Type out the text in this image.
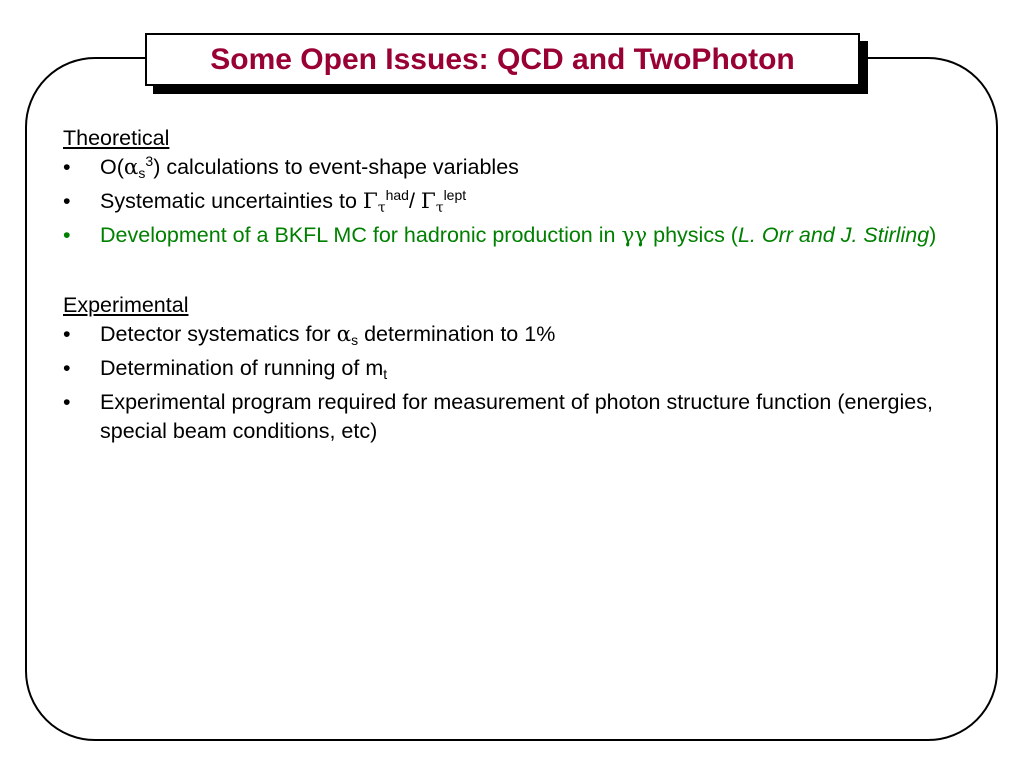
Some Open Issues: QCD and TwoPhoton

Theoretical

• $O(\alpha_s^3)$ calculations to event-shape variables
• Systematic uncertainties to $\Gamma_\tau^{had}/$ $\Gamma_\tau^{lept}$
• Development of a BKFL MC for hadronic production in γγ physics (L. Orr and J. Stirling)

Experimental

• Detector systematics for $\alpha_s$ determination to 1%
• Determination of running of $m_t$
• Experimental program required for measurement of photon structure function (energies, special beam conditions, etc)
